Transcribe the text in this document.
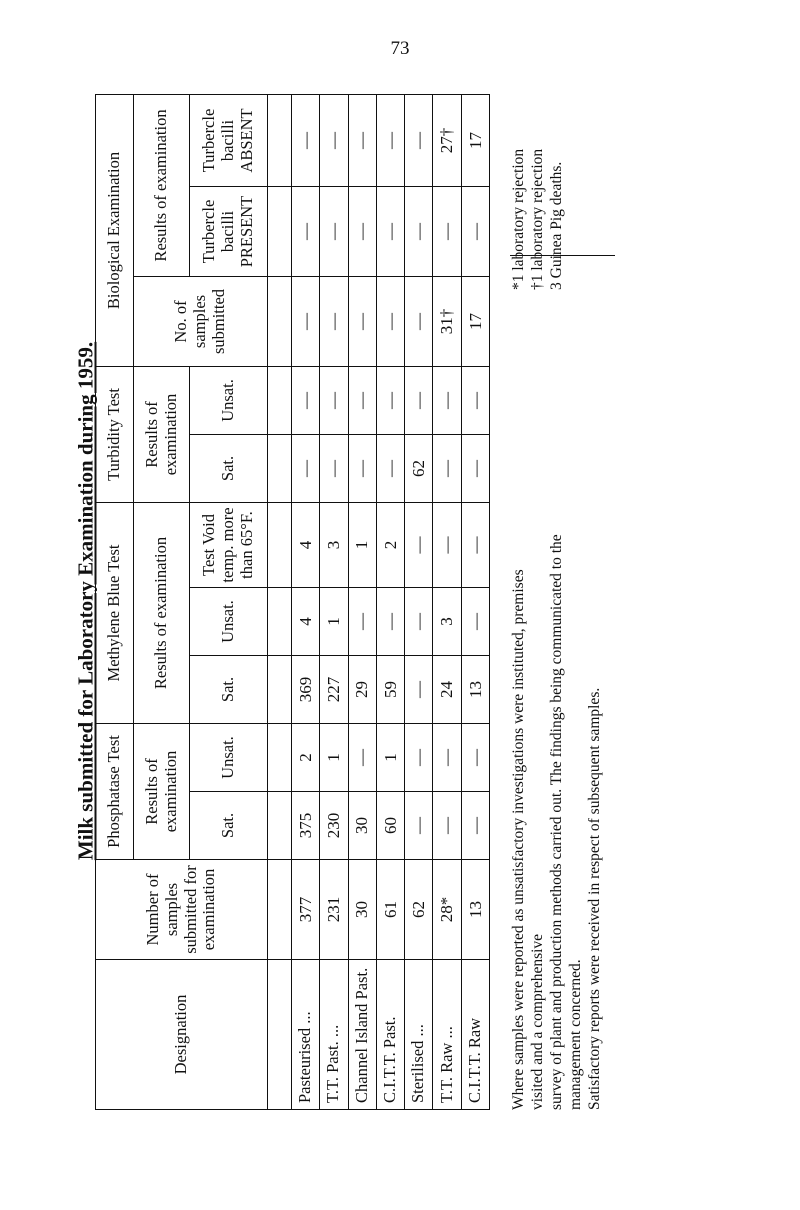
73
Milk submitted for Laboratory Examination during 1959.
Designation	Number of samples submitted for examination	Phosphatase Test		Methylene Blue Test			Turbidity Test		Biological Examination		
		Results of examination		Results of examination			Results of examination		No. of samples submitted	Results of examination	
		Sat.	Unsat.	Sat.	Unsat.	Test Void temp. more than 65°F.	Sat.	Unsat.		Turbercle bacilli PRESENT	Turbercle bacilli ABSENT

Pasteurised ...	377	375	2	369	4	4	—	—	—	—	—
T.T. Past. ...	231	230	1	227	1	3	—	—	—	—	—
Channel Island Past.	30	30	—	29	—	1	—	—	—	—	—
C.I.T.T. Past.	61	60	1	59	—	2	—	—	—	—	—
Sterilised ...	62	—	—	—	—	—	62	—	—	—	—
T.T. Raw ...	28*	—	—	24	3	—	—	—	31†	—	27†
C.I.T.T. Raw	13	—	—	13	—	—	—	—	17	—	17

Where samples were reported as unsatisfactory investigations were instituted, premises visited and a comprehensive survey of plant and production methods carried out. The findings being communicated to the management concerned. Satisfactory reports were received in respect of subsequent samples.

*1 laboratory rejection †1 laboratory rejection 3 Guinea Pig deaths.
